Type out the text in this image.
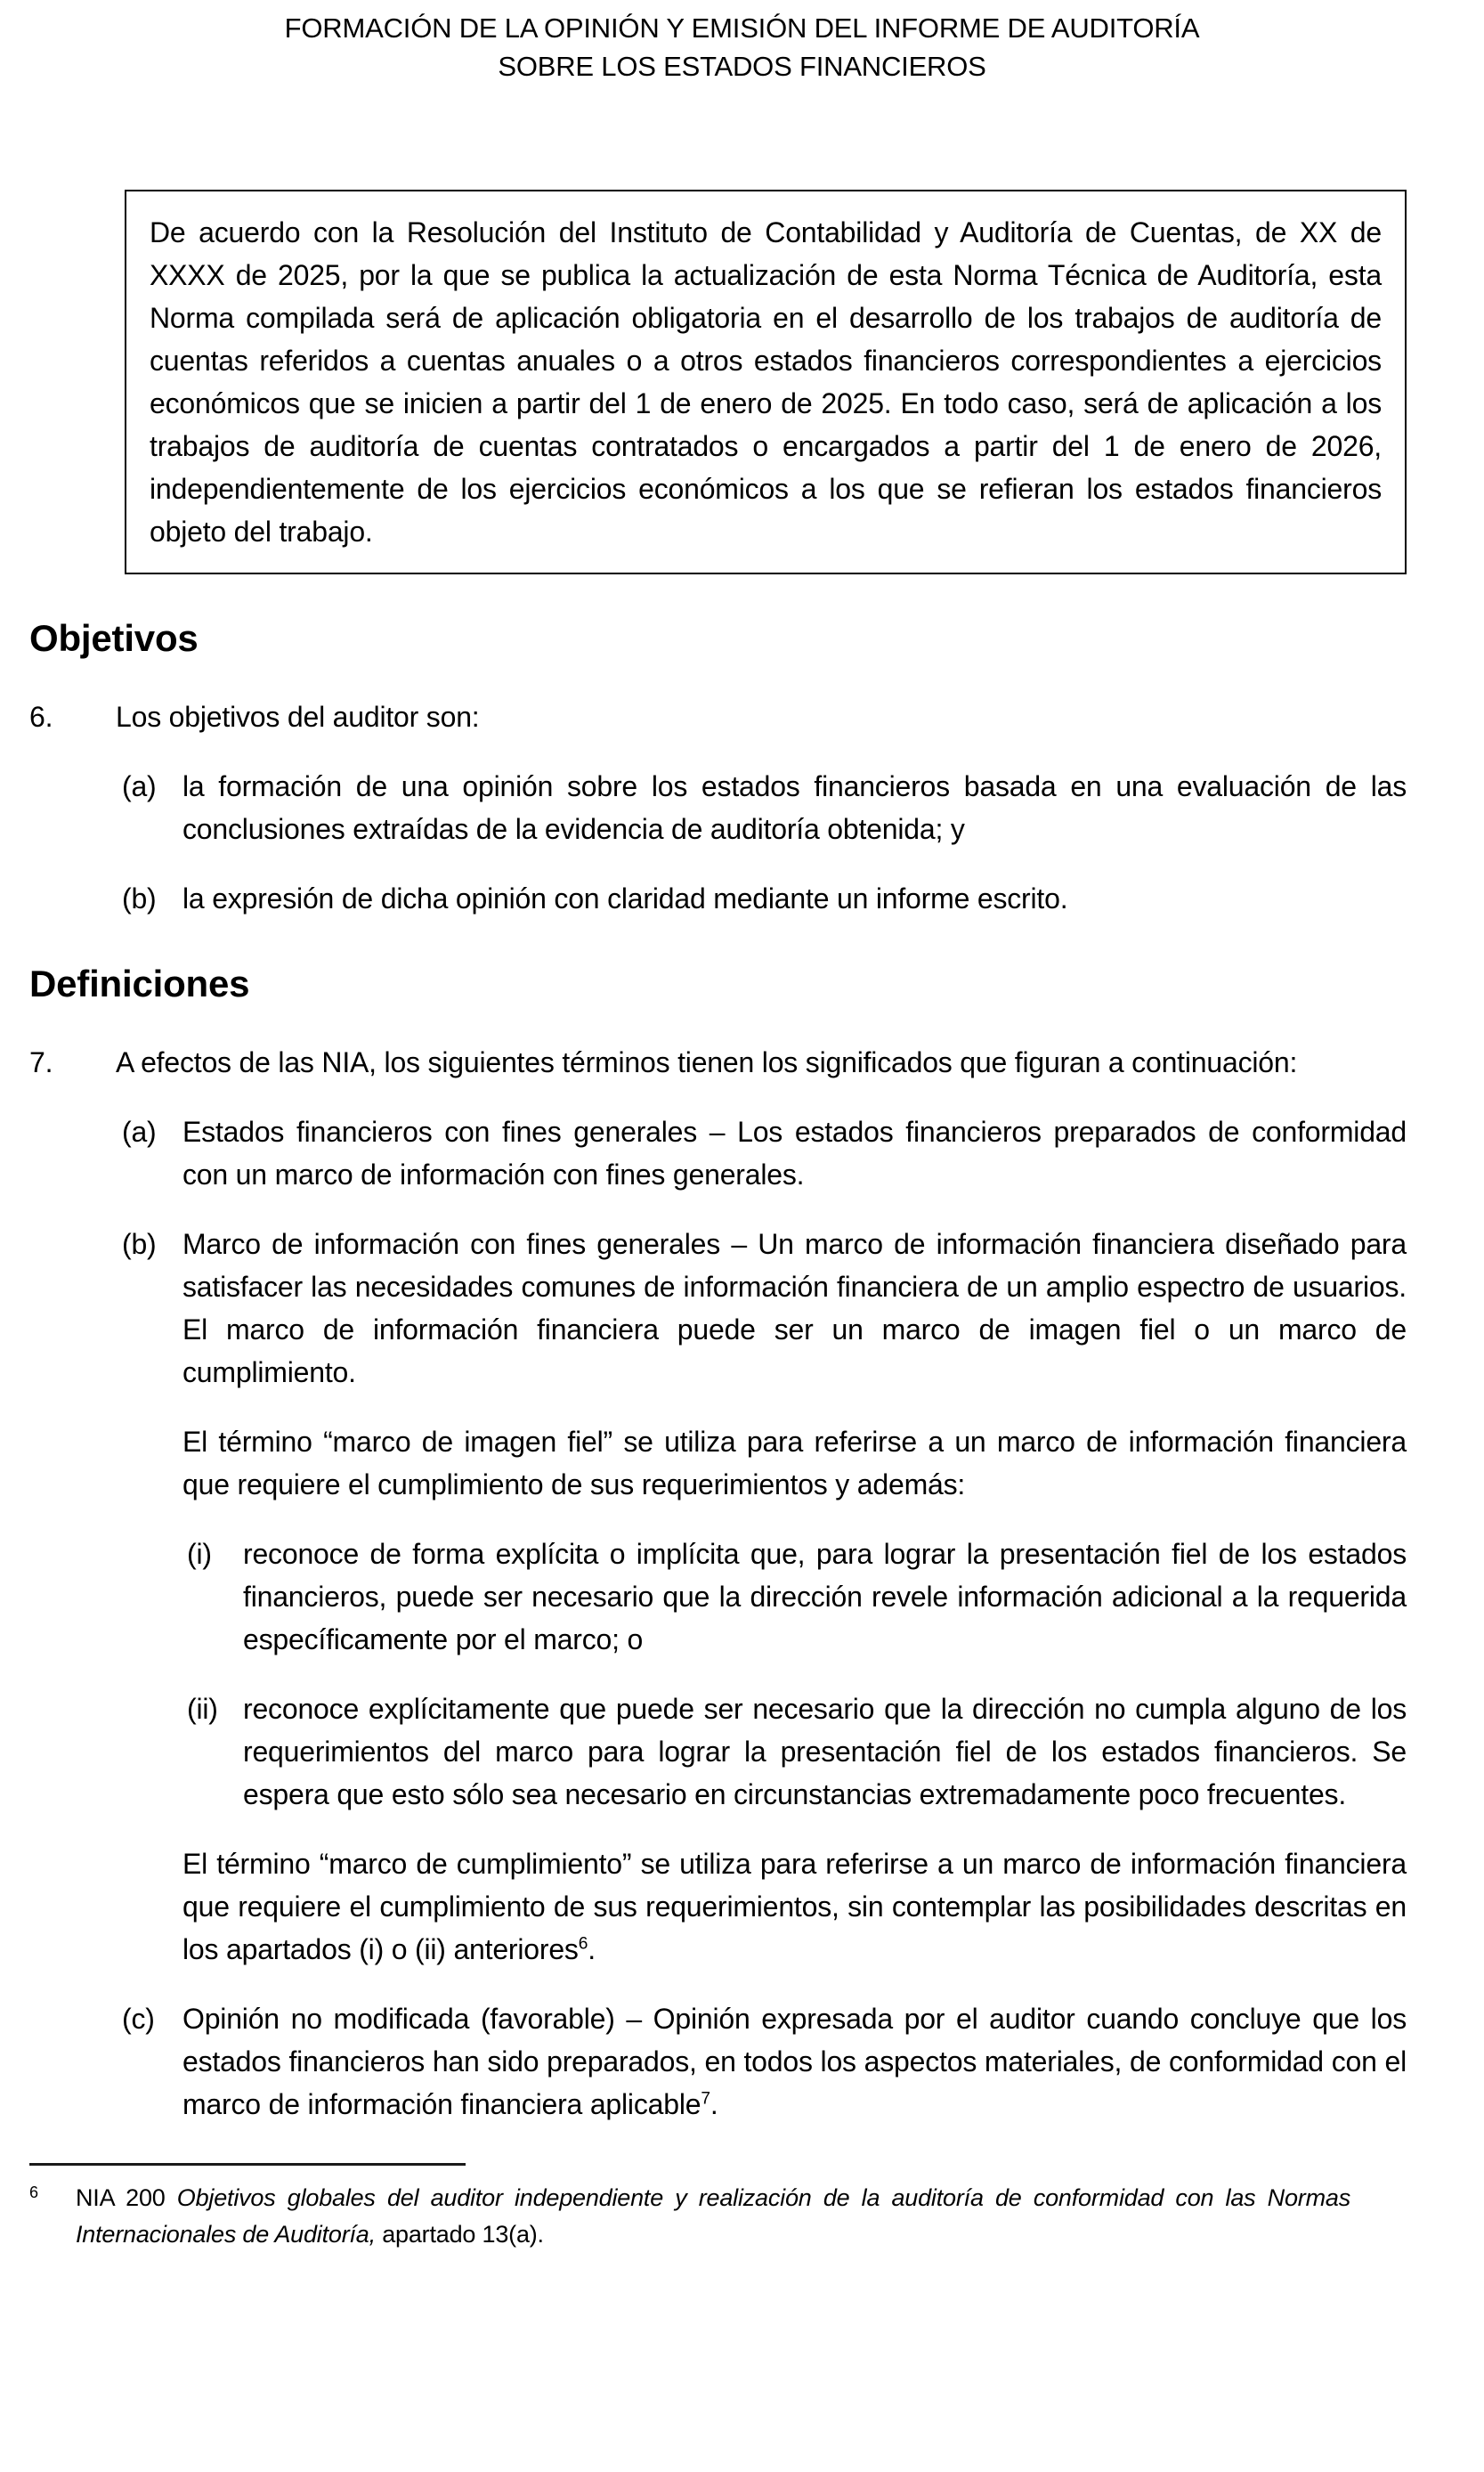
FORMACIÓN DE LA OPINIÓN Y EMISIÓN DEL INFORME DE AUDITORÍA
SOBRE LOS ESTADOS FINANCIEROS
De acuerdo con la Resolución del Instituto de Contabilidad y Auditoría de Cuentas, de XX de XXXX de 2025, por la que se publica la actualización de esta Norma Técnica de Auditoría, esta Norma compilada será de aplicación obligatoria en el desarrollo de los trabajos de auditoría de cuentas referidos a cuentas anuales o a otros estados financieros correspondientes a ejercicios económicos que se inicien a partir del 1 de enero de 2025. En todo caso, será de aplicación a los trabajos de auditoría de cuentas contratados o encargados a partir del 1 de enero de 2026, independientemente de los ejercicios económicos a los que se refieran los estados financieros objeto del trabajo.
Objetivos
6.	Los objetivos del auditor son:
(a) la formación de una opinión sobre los estados financieros basada en una evaluación de las conclusiones extraídas de la evidencia de auditoría obtenida; y
(b) la expresión de dicha opinión con claridad mediante un informe escrito.
Definiciones
7.	A efectos de las NIA, los siguientes términos tienen los significados que figuran a continuación:
(a) Estados financieros con fines generales – Los estados financieros preparados de conformidad con un marco de información con fines generales.
(b) Marco de información con fines generales – Un marco de información financiera diseñado para satisfacer las necesidades comunes de información financiera de un amplio espectro de usuarios. El marco de información financiera puede ser un marco de imagen fiel o un marco de cumplimiento.
El término “marco de imagen fiel” se utiliza para referirse a un marco de información financiera que requiere el cumplimiento de sus requerimientos y además:
(i)	reconoce de forma explícita o implícita que, para lograr la presentación fiel de los estados financieros, puede ser necesario que la dirección revele información adicional a la requerida específicamente por el marco; o
(ii) reconoce explícitamente que puede ser necesario que la dirección no cumpla alguno de los requerimientos del marco para lograr la presentación fiel de los estados financieros. Se espera que esto sólo sea necesario en circunstancias extremadamente poco frecuentes.
El término “marco de cumplimiento” se utiliza para referirse a un marco de información financiera que requiere el cumplimiento de sus requerimientos, sin contemplar las posibilidades descritas en los apartados (i) o (ii) anteriores$^6$.
(c) Opinión no modificada (favorable) – Opinión expresada por el auditor cuando concluye que los estados financieros han sido preparados, en todos los aspectos materiales, de conformidad con el marco de información financiera aplicable$^7$.
6	NIA 200 Objetivos globales del auditor independiente y realización de la auditoría de conformidad con las Normas Internacionales de Auditoría, apartado 13(a).
